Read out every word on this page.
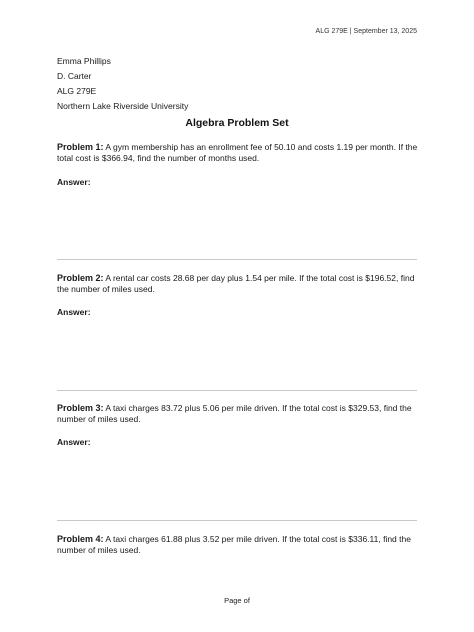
ALG 279E | September 13, 2025
Emma Phillips
D. Carter
ALG 279E
Northern Lake Riverside University
Algebra Problem Set
Problem 1: A gym membership has an enrollment fee of 50.10 and costs 1.19 per month. If the total cost is $366.94, find the number of months used.
Answer:
Problem 2: A rental car costs 28.68 per day plus 1.54 per mile. If the total cost is $196.52, find the number of miles used.
Answer:
Problem 3: A taxi charges 83.72 plus 5.06 per mile driven. If the total cost is $329.53, find the number of miles used.
Answer:
Problem 4: A taxi charges 61.88 plus 3.52 per mile driven. If the total cost is $336.11, find the number of miles used.
Page of
